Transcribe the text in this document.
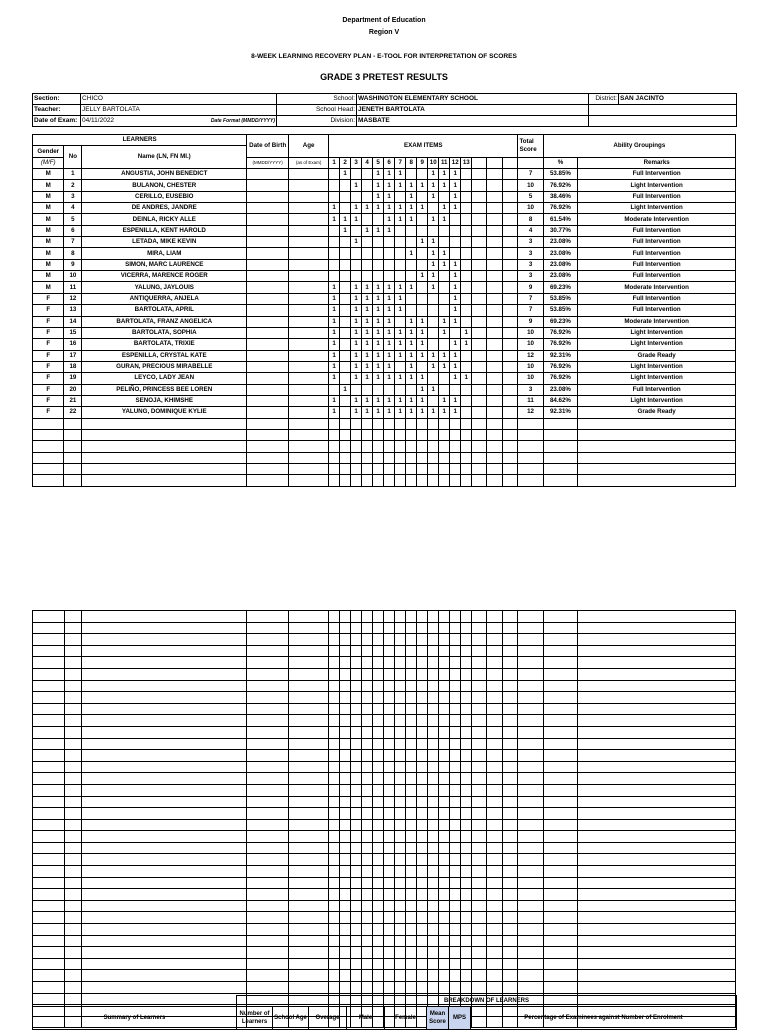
Department of Education
Region V
8-WEEK LEARNING RECOVERY PLAN - E-TOOL FOR INTERPRETATION OF SCORES
GRADE 3 PRETEST RESULTS
Section:	CHICO	School:	WASHINGTON ELEMENTARY SCHOOL	District:	SAN JACINTO
Teacher:	JELLY BARTOLATA	School Head:	JENETH BARTOLATA		
Date of Exam:	04/11/2022 Date Format (MMDD/YYYY)	Division:	MASBATE		
LEARNERS			Date of Birth	Age	EXAM ITEMS																Total Score	Ability Groupings	
Gender	No	Name (LN, FN MI.)																					
(M/F)			(MMDD/YYYY)	(as of Exam)	1	2	3	4	5	6	7	8	9	10	11	12	13					%	Remarks
M	1	ANGUSTIA, JOHN BENEDICT				1			1	1	1			1	1	1					7	53.85%	Full Intervention
M	2	BULANON, CHESTER					1		1	1	1	1	1	1	1	1					10	76.92%	Light Intervention
M	3	CERILLO, EUSEBIO							1	1		1		1		1					5	38.46%	Full Intervention
M	4	DE ANDRES, JANDRE			1		1	1	1	1	1	1	1		1	1					10	76.92%	Light Intervention
M	5	DEINLA, RICKY ALLE			1	1	1			1	1	1		1	1						8	61.54%	Moderate Intervention
M	6	ESPENILLA, KENT HAROLD				1		1	1	1											4	30.77%	Full Intervention
M	7	LETADA, MIKE KEVIN					1						1	1							3	23.08%	Full Intervention
M	8	MIRA, LIAM										1		1	1						3	23.08%	Full Intervention
M	9	SIMON, MARC LAURENCE												1	1	1					3	23.08%	Full Intervention
M	10	VICERRA, MARENCE ROGER											1	1		1					3	23.08%	Full Intervention
M	11	YALUNG, JAYLOUIS			1		1	1	1	1	1	1		1		1					9	69.23%	Moderate Intervention
F	12	ANTIQUERRA, ANJELA			1		1	1	1	1	1					1					7	53.85%	Full Intervention
F	13	BARTOLATA, APRIL			1		1	1	1	1	1					1					7	53.85%	Full Intervention
F	14	BARTOLATA, FRANZ ANGELICA			1		1	1	1	1		1	1		1	1					9	69.23%	Moderate Intervention
F	15	BARTOLATA, SOPHIA			1		1	1	1	1	1	1	1		1		1				10	76.92%	Light Intervention
F	16	BARTOLATA, TRIXIE			1		1	1	1	1	1	1	1			1	1				10	76.92%	Light Intervention
F	17	ESPENILLA, CRYSTAL KATE			1		1	1	1	1	1	1	1	1	1	1					12	92.31%	Grade Ready
F	18	GURAN, PRECIOUS MIRABELLE			1		1	1	1	1		1		1	1	1					10	76.92%	Light Intervention
F	19	LEYCO, LADY JEAN			1		1	1	1	1	1	1	1			1	1				10	76.92%	Light Intervention
F	20	PELIÑO, PRINCESS BEE LOREN				1							1	1							3	23.08%	Full Intervention
F	21	SENOJA, KHIMSHE			1		1	1	1	1	1	1	1		1	1					11	84.62%	Light Intervention
F	22	YALUNG, DOMINIQUE KYLIE			1		1	1	1	1	1	1	1	1	1	1					12	92.31%	Grade Ready

	BREAKDOWN OF LEARNERS							
Summary of Learners	Number of Learners	School Age	Overage	Male	Female	Mean Score	MPS	Percentage of Examinees against Number of Enrolment
